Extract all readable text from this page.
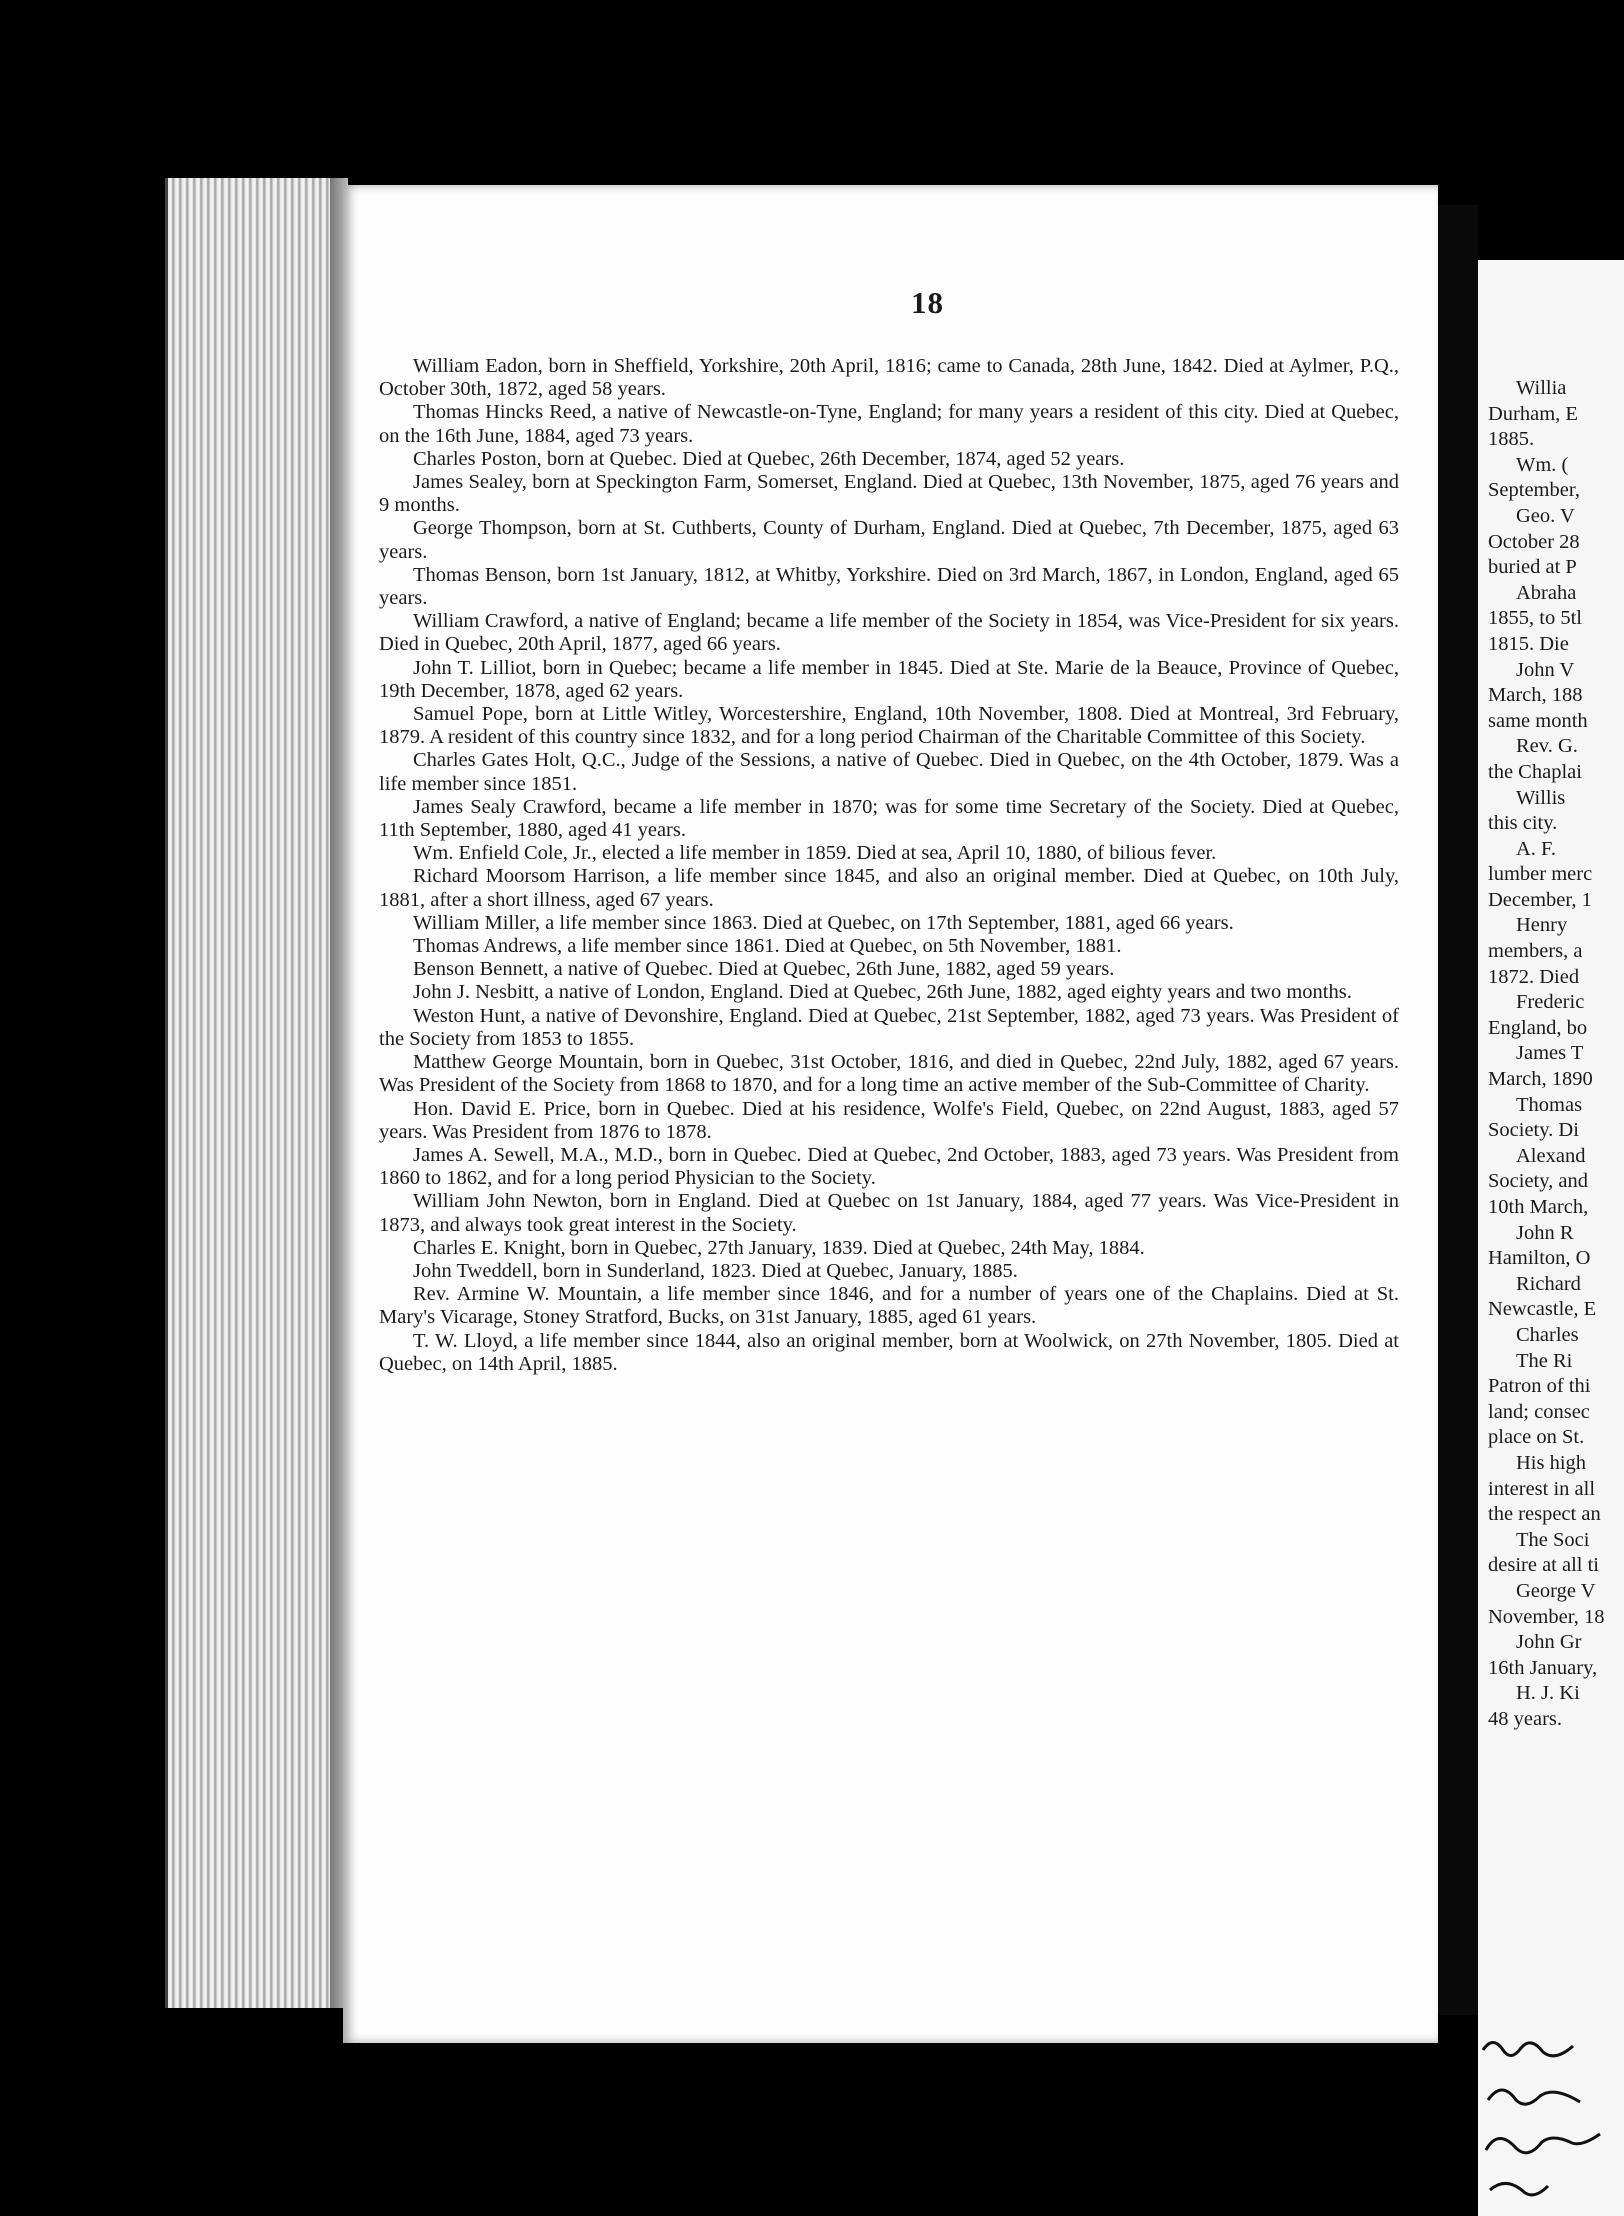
18

William Eadon, born in Sheffield, Yorkshire, 20th April, 1816; came to Canada, 28th June, 1842. Died at Aylmer, P.Q., October 30th, 1872, aged 58 years.

Thomas Hincks Reed, a native of Newcastle-on-Tyne, England; for many years a resident of this city. Died at Quebec, on the 16th June, 1884, aged 73 years.

Charles Poston, born at Quebec. Died at Quebec, 26th December, 1874, aged 52 years.

James Sealey, born at Speckington Farm, Somerset, England. Died at Quebec, 13th November, 1875, aged 76 years and 9 months.

George Thompson, born at St. Cuthberts, County of Durham, England. Died at Quebec, 7th December, 1875, aged 63 years.

Thomas Benson, born 1st January, 1812, at Whitby, Yorkshire. Died on 3rd March, 1867, in London, England, aged 65 years.

William Crawford, a native of England; became a life member of the Society in 1854, was Vice-President for six years. Died in Quebec, 20th April, 1877, aged 66 years.

John T. Lilliot, born in Quebec; became a life member in 1845. Died at Ste. Marie de la Beauce, Province of Quebec, 19th December, 1878, aged 62 years.

Samuel Pope, born at Little Witley, Worcestershire, England, 10th November, 1808. Died at Montreal, 3rd February, 1879. A resident of this country since 1832, and for a long period Chairman of the Charitable Committee of this Society.

Charles Gates Holt, Q.C., Judge of the Sessions, a native of Quebec. Died in Quebec, on the 4th October, 1879. Was a life member since 1851.

James Sealy Crawford, became a life member in 1870; was for some time Secretary of the Society. Died at Quebec, 11th September, 1880, aged 41 years.

Wm. Enfield Cole, Jr., elected a life member in 1859. Died at sea, April 10, 1880, of bilious fever.

Richard Moorsom Harrison, a life member since 1845, and also an original member. Died at Quebec, on 10th July, 1881, after a short illness, aged 67 years.

William Miller, a life member since 1863. Died at Quebec, on 17th September, 1881, aged 66 years.

Thomas Andrews, a life member since 1861. Died at Quebec, on 5th November, 1881.

Benson Bennett, a native of Quebec. Died at Quebec, 26th June, 1882, aged 59 years.

John J. Nesbitt, a native of London, England. Died at Quebec, 26th June, 1882, aged eighty years and two months.

Weston Hunt, a native of Devonshire, England. Died at Quebec, 21st September, 1882, aged 73 years. Was President of the Society from 1853 to 1855.

Matthew George Mountain, born in Quebec, 31st October, 1816, and died in Quebec, 22nd July, 1882, aged 67 years. Was President of the Society from 1868 to 1870, and for a long time an active member of the Sub-Committee of Charity.

Hon. David E. Price, born in Quebec. Died at his residence, Wolfe's Field, Quebec, on 22nd August, 1883, aged 57 years. Was President from 1876 to 1878.

James A. Sewell, M.A., M.D., born in Quebec. Died at Quebec, 2nd October, 1883, aged 73 years. Was President from 1860 to 1862, and for a long period Physician to the Society.

William John Newton, born in England. Died at Quebec on 1st January, 1884, aged 77 years. Was Vice-President in 1873, and always took great interest in the Society.

Charles E. Knight, born in Quebec, 27th January, 1839. Died at Quebec, 24th May, 1884.

John Tweddell, born in Sunderland, 1823. Died at Quebec, January, 1885.

Rev. Armine W. Mountain, a life member since 1846, and for a number of years one of the Chaplains. Died at St. Mary's Vicarage, Stoney Stratford, Bucks, on 31st January, 1885, aged 61 years.

T. W. Lloyd, a life member since 1844, also an original member, born at Woolwick, on 27th November, 1805. Died at Quebec, on 14th April, 1885.

Willia
Durham, E
1885.
Wm. (
September,
Geo. V
October 28
buried at P
Abraha
1855, to 5tl
1815. Die
John V
March, 188
same month
Rev. G.
the Chaplai
Willis
this city.
A. F.
lumber merc
December, 1
Henry
members, a
1872. Died
Frederic
England, bo
James T
March, 1890
Thomas
Society. Di
Alexand
Society, and
10th March,
John R
Hamilton, O
Richard
Newcastle, E
Charles
The Ri
Patron of thi
land; consec
place on St.
His high
interest in all
the respect an
The Soci
desire at all ti
George V
November, 18
John Gr
16th January,
H. J. Ki
48 years.
